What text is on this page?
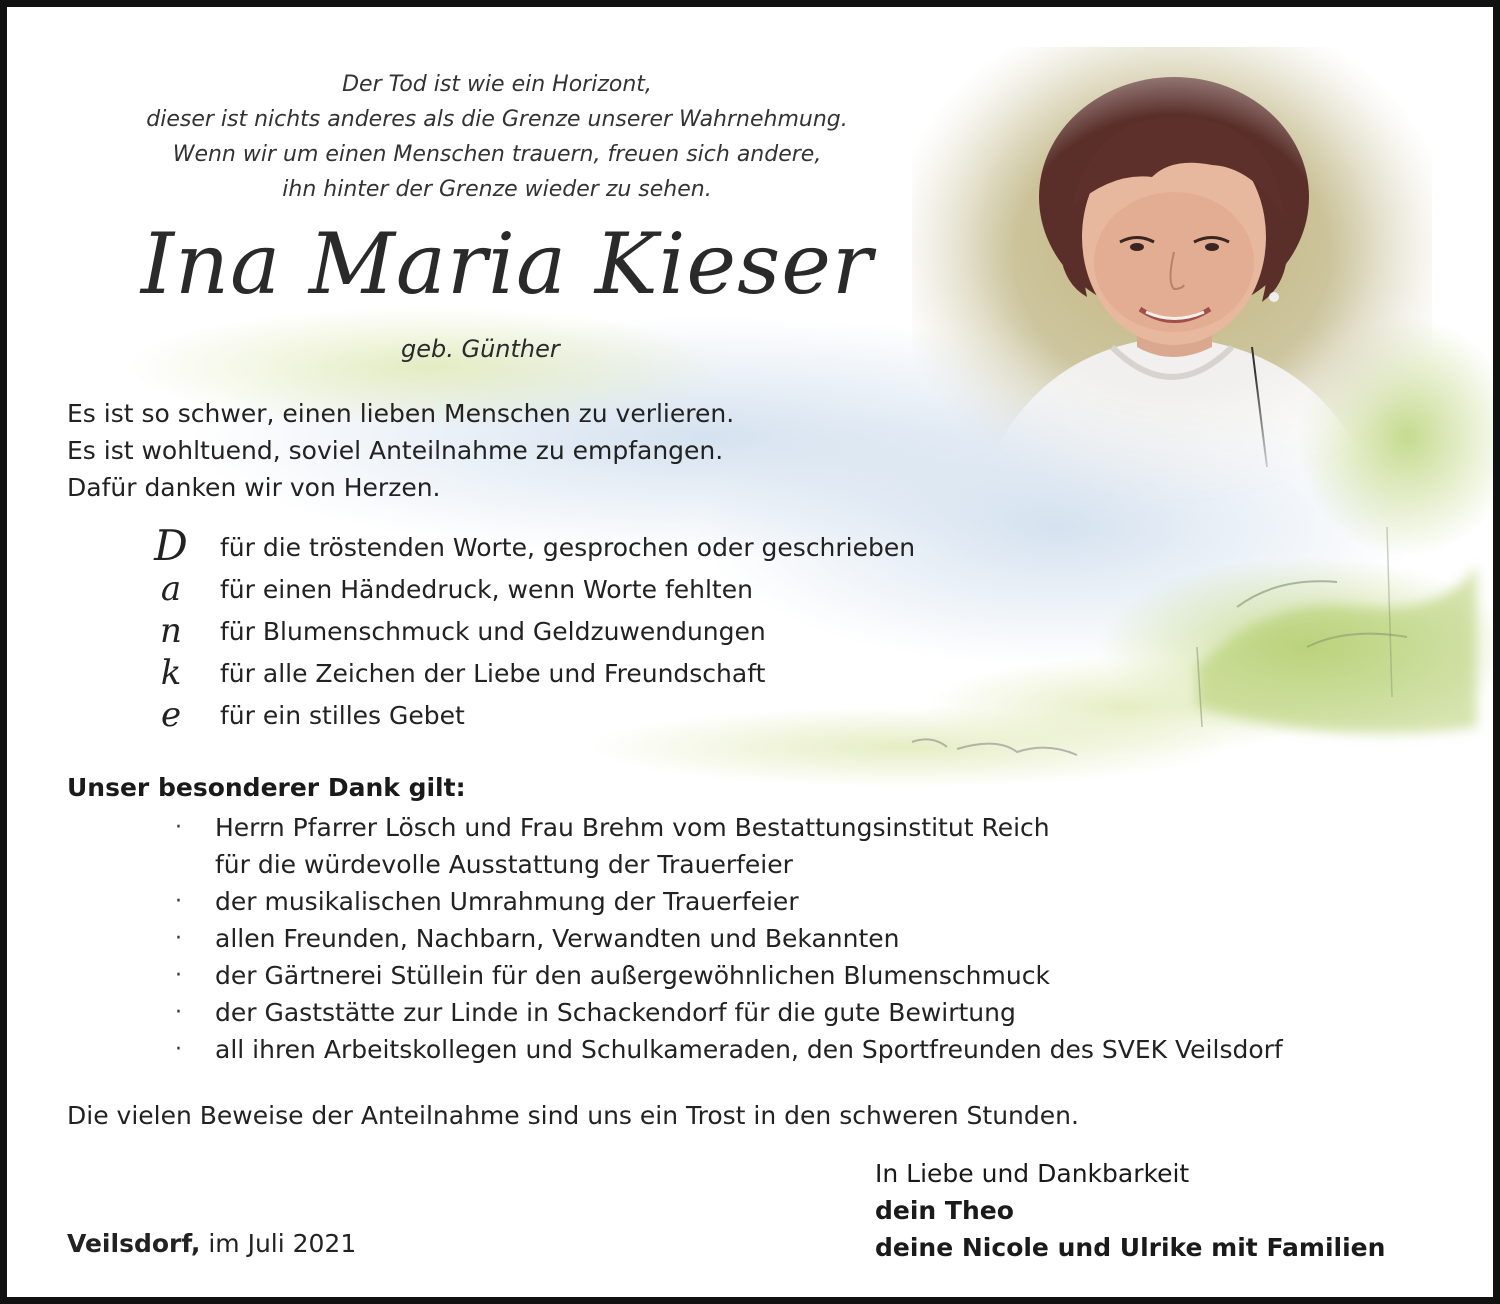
Der Tod ist wie ein Horizont,
dieser ist nichts anderes als die Grenze unserer Wahrnehmung.
Wenn wir um einen Menschen trauern, freuen sich andere,
ihn hinter der Grenze wieder zu sehen.
Ina Maria Kieser
geb. Günther
Es ist so schwer, einen lieben Menschen zu verlieren.
Es ist wohltuend, soviel Anteilnahme zu empfangen.
Dafür danken wir von Herzen.
D	für die tröstenden Worte, gesprochen oder geschrieben
a	für einen Händedruck, wenn Worte fehlten
n	für Blumenschmuck und Geldzuwendungen
k	für alle Zeichen der Liebe und Freundschaft
e	für ein stilles Gebet
Unser besonderer Dank gilt:
· Herrn Pfarrer Lösch und Frau Brehm vom Bestattungsinstitut Reich
für die würdevolle Ausstattung der Trauerfeier
· der musikalischen Umrahmung der Trauerfeier
· allen Freunden, Nachbarn, Verwandten und Bekannten
· der Gärtnerei Stüllein für den außergewöhnlichen Blumenschmuck
· der Gaststätte zur Linde in Schackendorf für die gute Bewirtung
· all ihren Arbeitskollegen und Schulkameraden, den Sportfreunden des SVEK Veilsdorf
Die vielen Beweise der Anteilnahme sind uns ein Trost in den schweren Stunden.
In Liebe und Dankbarkeit
dein Theo
deine Nicole und Ulrike mit Familien
Veilsdorf, im Juli 2021
